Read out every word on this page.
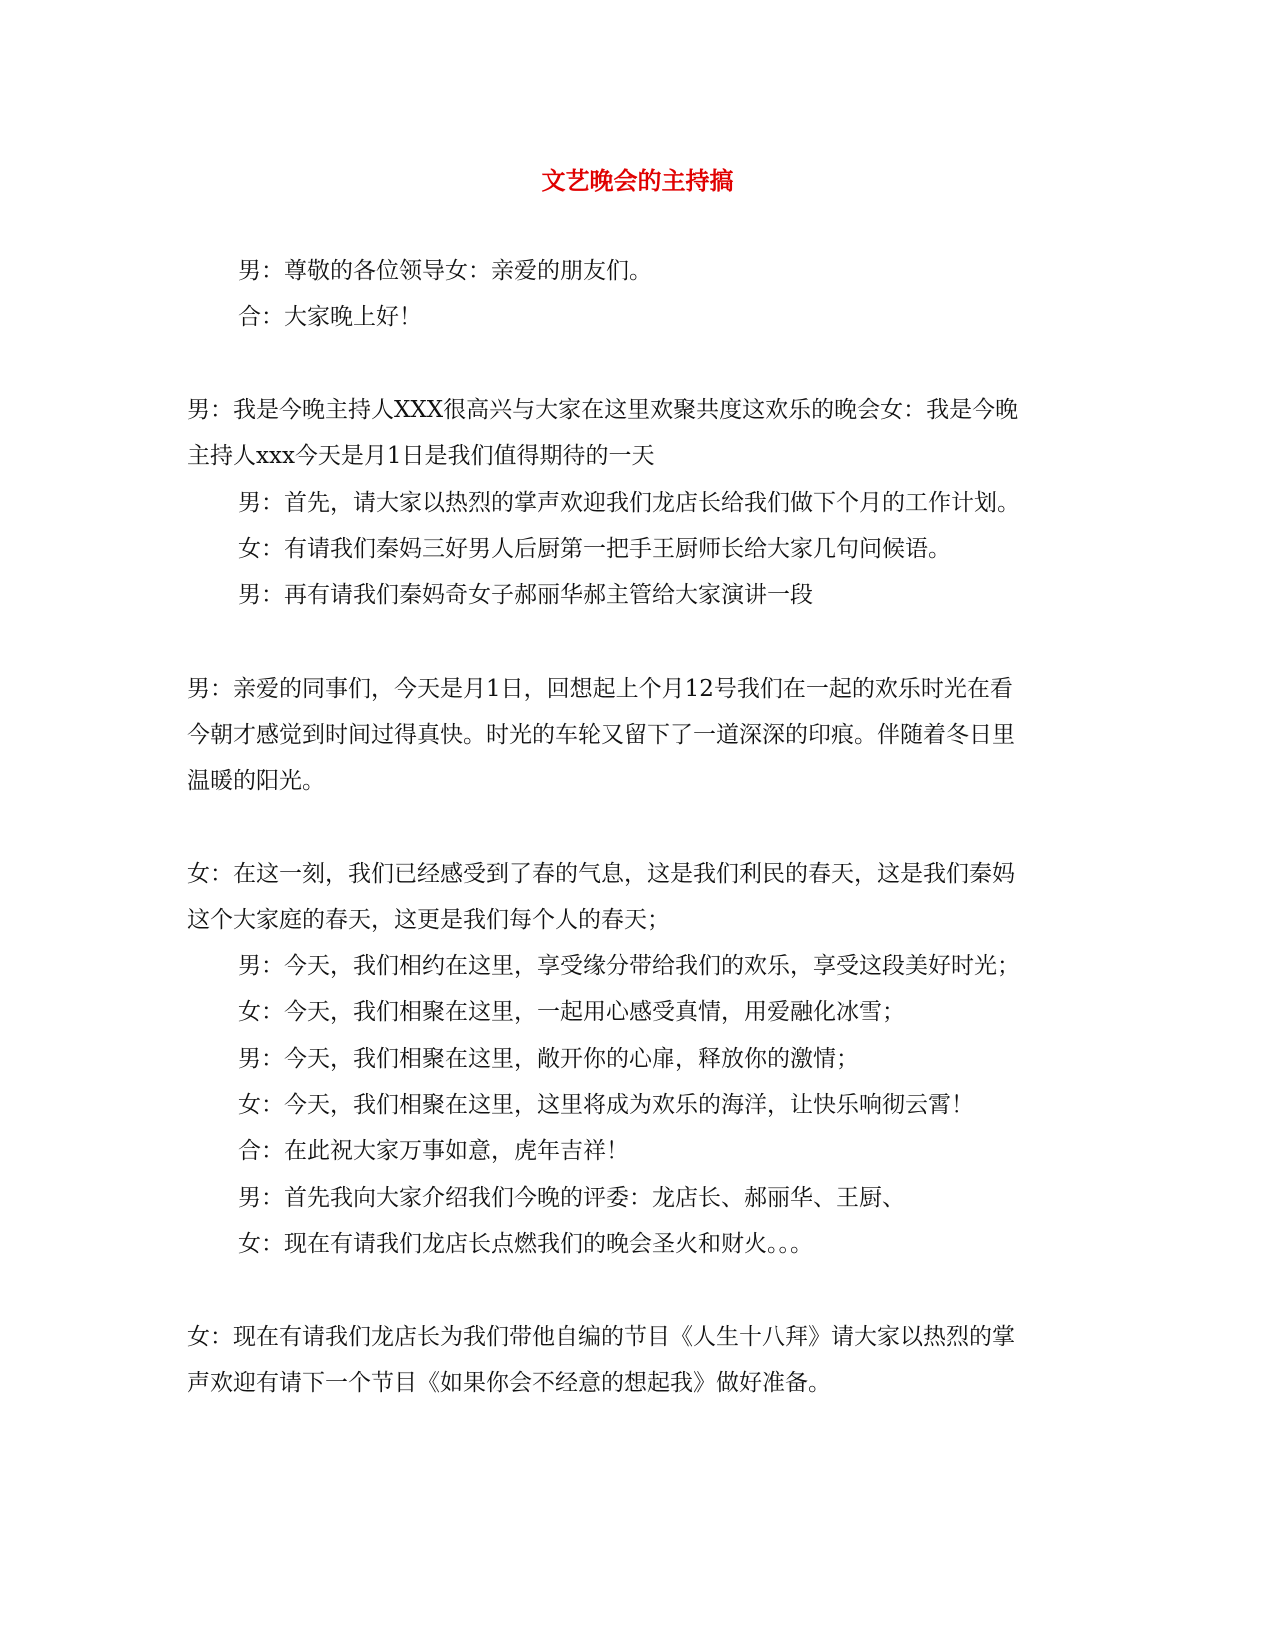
文艺晚会的主持搞
男：尊敬的各位领导女：亲爱的朋友们。
合：大家晚上好！
男：我是今晚主持人XXX很高兴与大家在这里欢聚共度这欢乐的晚会女：我是今晚
主持人xxx今天是月1日是我们值得期待的一天
男：首先，请大家以热烈的掌声欢迎我们龙店长给我们做下个月的工作计划。
女：有请我们秦妈三好男人后厨第一把手王厨师长给大家几句问候语。
男：再有请我们秦妈奇女子郝丽华郝主管给大家演讲一段
男：亲爱的同事们，今天是月1日，回想起上个月12号我们在一起的欢乐时光在看
今朝才感觉到时间过得真快。时光的车轮又留下了一道深深的印痕。伴随着冬日里
温暖的阳光。
女：在这一刻，我们已经感受到了春的气息，这是我们利民的春天，这是我们秦妈
这个大家庭的春天，这更是我们每个人的春天；
男：今天，我们相约在这里，享受缘分带给我们的欢乐，享受这段美好时光；
女：今天，我们相聚在这里，一起用心感受真情，用爱融化冰雪；
男：今天，我们相聚在这里，敞开你的心扉，释放你的激情；
女：今天，我们相聚在这里，这里将成为欢乐的海洋，让快乐响彻云霄！
合：在此祝大家万事如意，虎年吉祥！
男：首先我向大家介绍我们今晚的评委：龙店长、郝丽华、王厨、
女：现在有请我们龙店长点燃我们的晚会圣火和财火。。。
女：现在有请我们龙店长为我们带他自编的节目《人生十八拜》请大家以热烈的掌
声欢迎有请下一个节目《如果你会不经意的想起我》做好准备。
